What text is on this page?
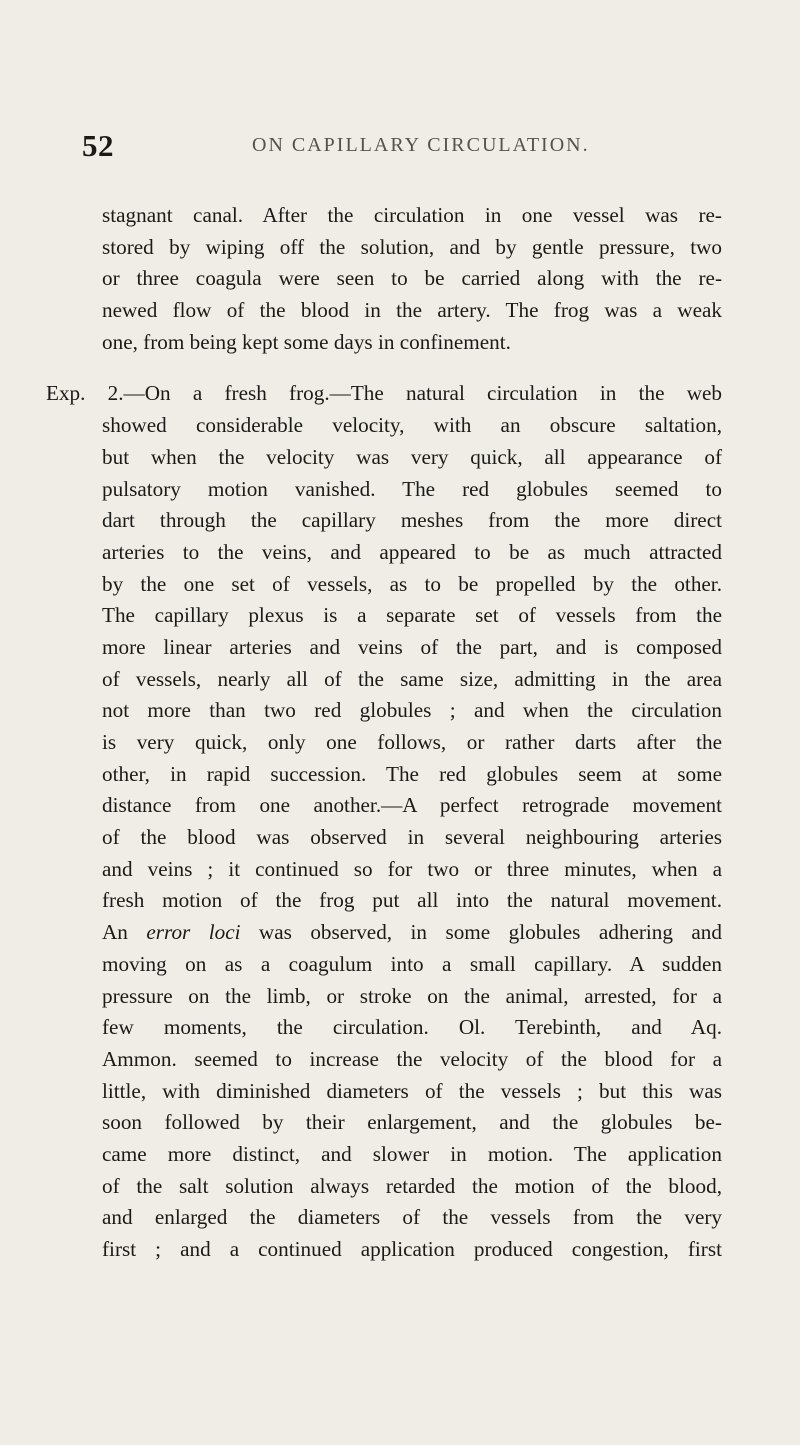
52	ON CAPILLARY CIRCULATION.
stagnant canal. After the circulation in one vessel was re-
stored by wiping off the solution, and by gentle pressure, two
or three coagula were seen to be carried along with the re-
newed flow of the blood in the artery. The frog was a weak
one, from being kept some days in confinement.
Exp. 2.—On a fresh frog.—The natural circulation in the web
showed considerable velocity, with an obscure saltation,
but when the velocity was very quick, all appearance of
pulsatory motion vanished. The red globules seemed to
dart through the capillary meshes from the more direct
arteries to the veins, and appeared to be as much attracted
by the one set of vessels, as to be propelled by the other.
The capillary plexus is a separate set of vessels from the
more linear arteries and veins of the part, and is composed
of vessels, nearly all of the same size, admitting in the area
not more than two red globules ; and when the circulation
is very quick, only one follows, or rather darts after the
other, in rapid succession. The red globules seem at some
distance from one another.—A perfect retrograde movement
of the blood was observed in several neighbouring arteries
and veins ; it continued so for two or three minutes, when a
fresh motion of the frog put all into the natural movement.
An error loci was observed, in some globules adhering and
moving on as a coagulum into a small capillary. A sudden
pressure on the limb, or stroke on the animal, arrested, for a
few moments, the circulation. Ol. Terebinth, and Aq.
Ammon. seemed to increase the velocity of the blood for a
little, with diminished diameters of the vessels ; but this was
soon followed by their enlargement, and the globules be-
came more distinct, and slower in motion. The application
of the salt solution always retarded the motion of the blood,
and enlarged the diameters of the vessels from the very
first ; and a continued application produced congestion, first
